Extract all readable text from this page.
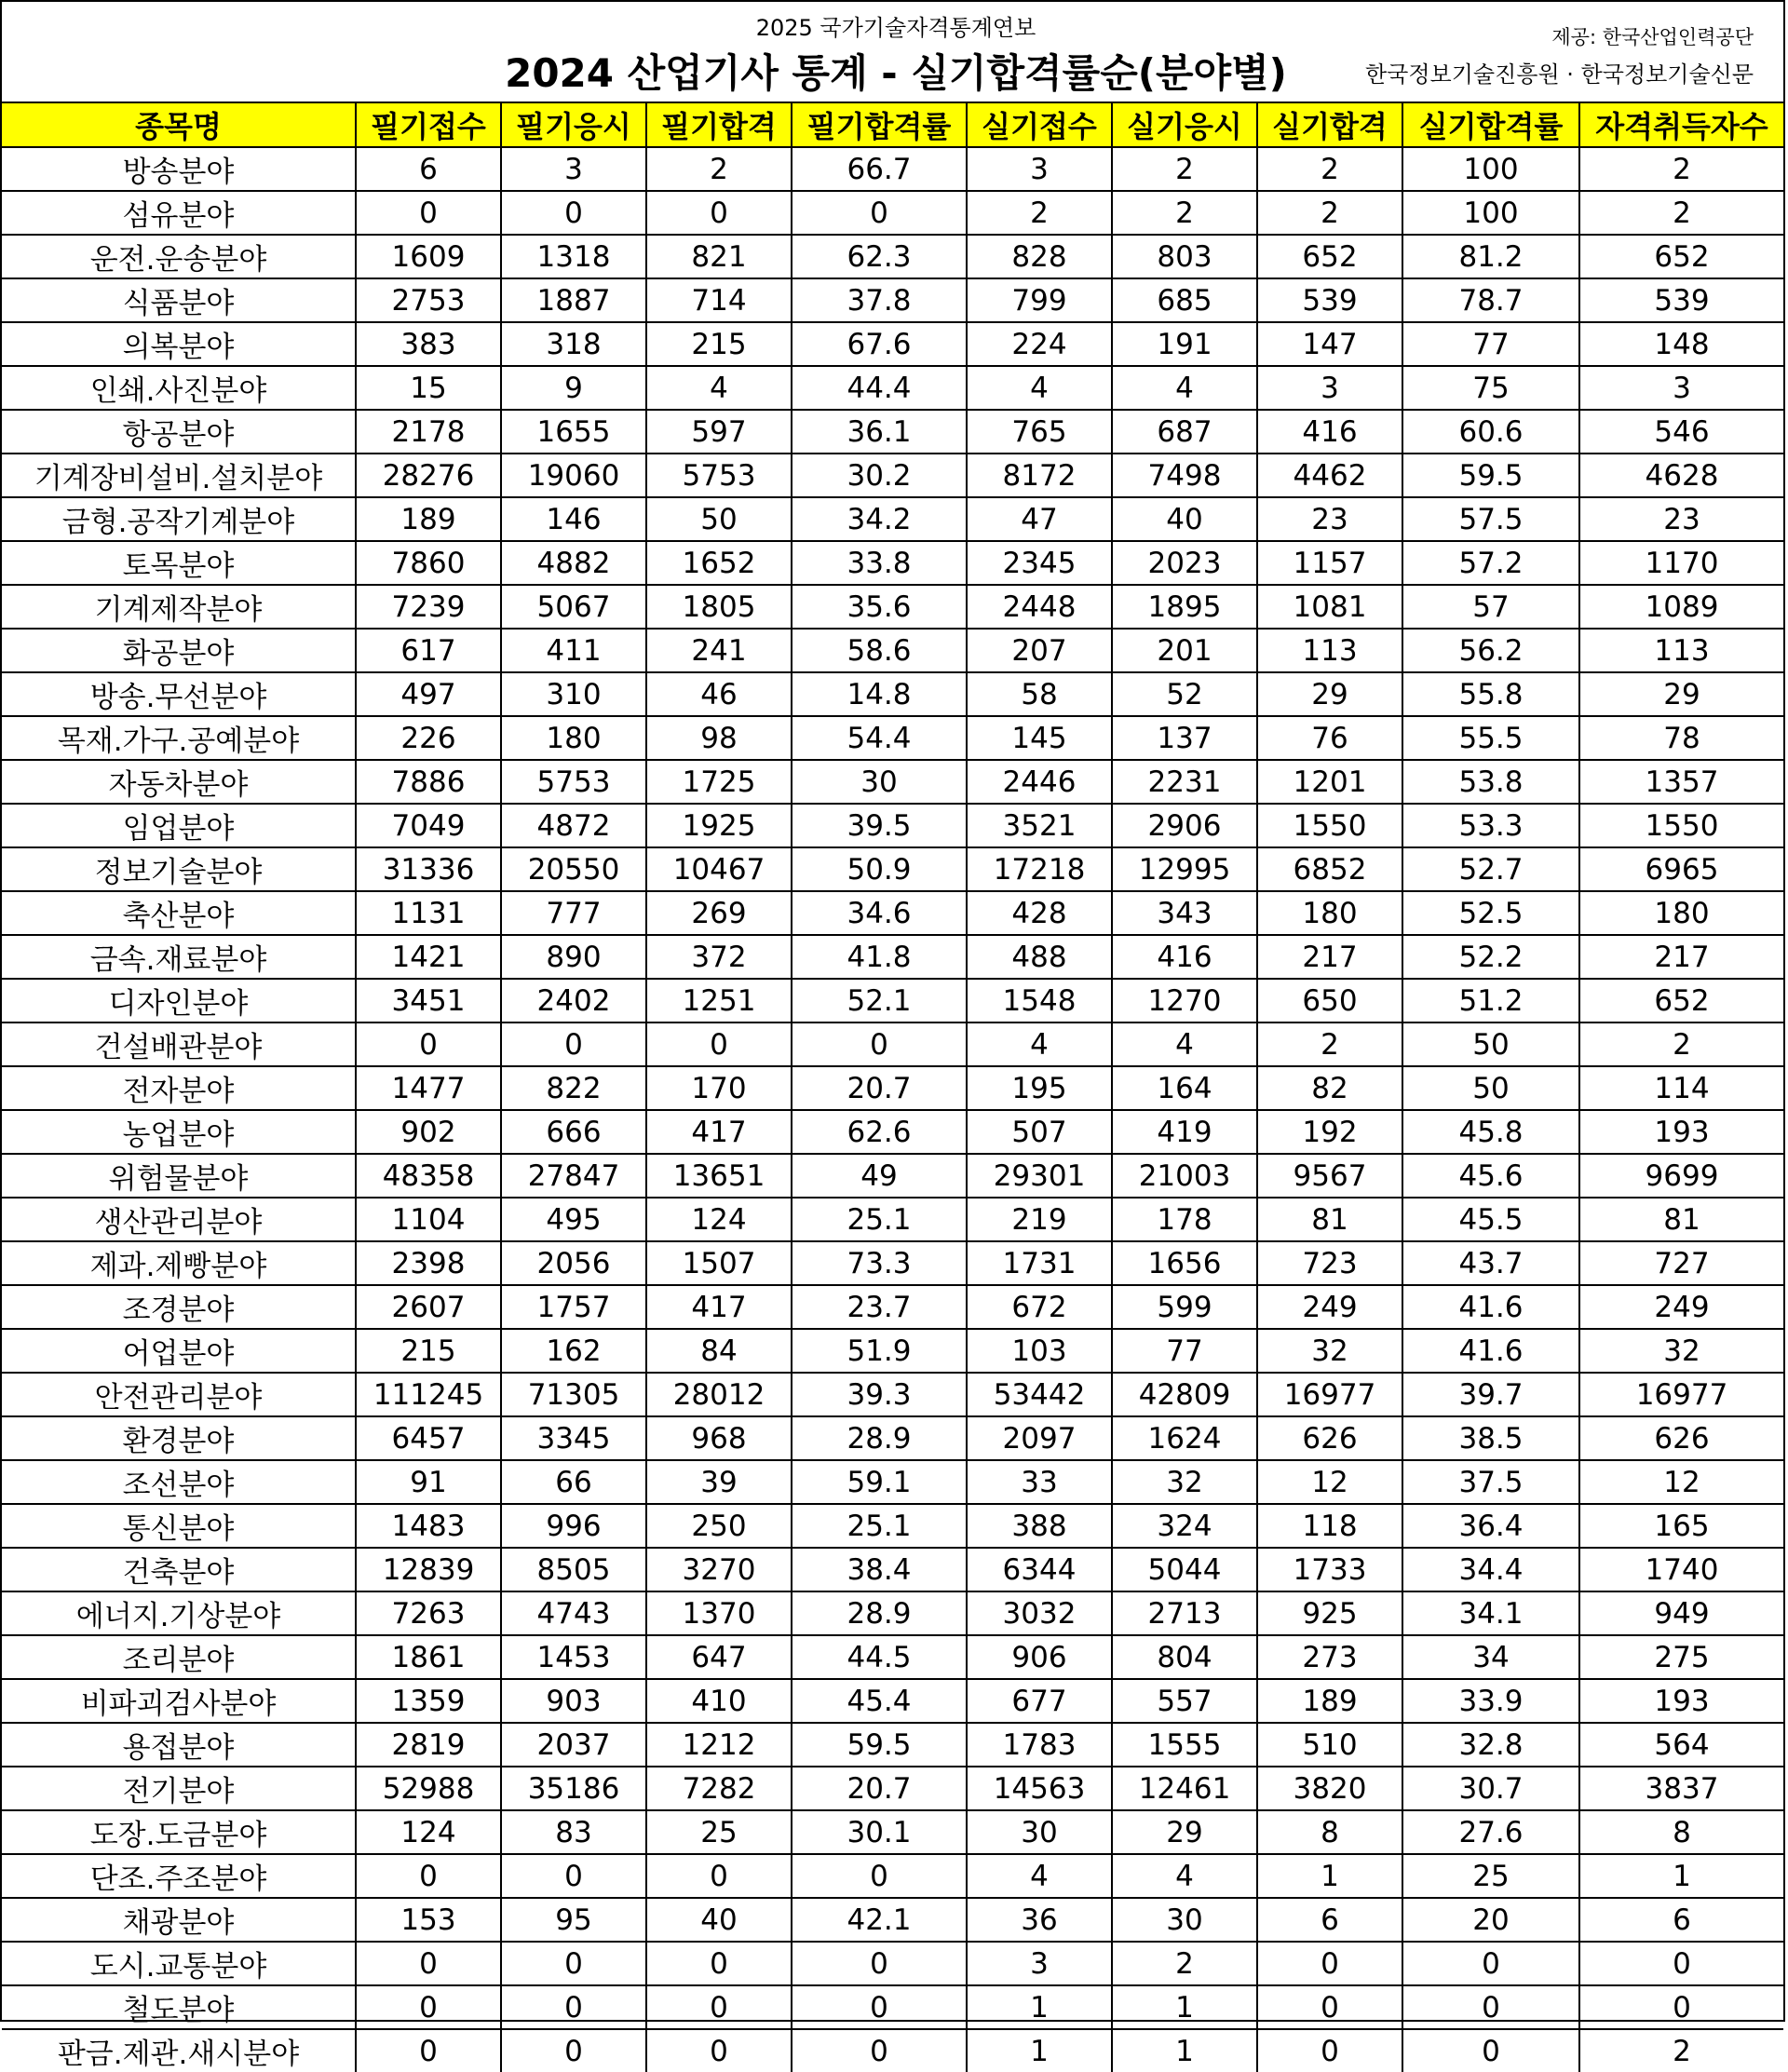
2025 국가기술자격통계연보
2024 산업기사 통계 - 실기합격률순(분야별)
제공: 한국산업인력공단
한국정보기술진흥원 · 한국정보기술신문
종목명	필기접수	필기응시	필기합격	필기합격률	실기접수	실기응시	실기합격	실기합격률	자격취득자수
방송분야	6	3	2	66.7	3	2	2	100	2
섬유분야	0	0	0	0	2	2	2	100	2
운전.운송분야	1609	1318	821	62.3	828	803	652	81.2	652
식품분야	2753	1887	714	37.8	799	685	539	78.7	539
의복분야	383	318	215	67.6	224	191	147	77	148
인쇄.사진분야	15	9	4	44.4	4	4	3	75	3
항공분야	2178	1655	597	36.1	765	687	416	60.6	546
기계장비설비.설치분야	28276	19060	5753	30.2	8172	7498	4462	59.5	4628
금형.공작기계분야	189	146	50	34.2	47	40	23	57.5	23
토목분야	7860	4882	1652	33.8	2345	2023	1157	57.2	1170
기계제작분야	7239	5067	1805	35.6	2448	1895	1081	57	1089
화공분야	617	411	241	58.6	207	201	113	56.2	113
방송.무선분야	497	310	46	14.8	58	52	29	55.8	29
목재.가구.공예분야	226	180	98	54.4	145	137	76	55.5	78
자동차분야	7886	5753	1725	30	2446	2231	1201	53.8	1357
임업분야	7049	4872	1925	39.5	3521	2906	1550	53.3	1550
정보기술분야	31336	20550	10467	50.9	17218	12995	6852	52.7	6965
축산분야	1131	777	269	34.6	428	343	180	52.5	180
금속.재료분야	1421	890	372	41.8	488	416	217	52.2	217
디자인분야	3451	2402	1251	52.1	1548	1270	650	51.2	652
건설배관분야	0	0	0	0	4	4	2	50	2
전자분야	1477	822	170	20.7	195	164	82	50	114
농업분야	902	666	417	62.6	507	419	192	45.8	193
위험물분야	48358	27847	13651	49	29301	21003	9567	45.6	9699
생산관리분야	1104	495	124	25.1	219	178	81	45.5	81
제과.제빵분야	2398	2056	1507	73.3	1731	1656	723	43.7	727
조경분야	2607	1757	417	23.7	672	599	249	41.6	249
어업분야	215	162	84	51.9	103	77	32	41.6	32
안전관리분야	111245	71305	28012	39.3	53442	42809	16977	39.7	16977
환경분야	6457	3345	968	28.9	2097	1624	626	38.5	626
조선분야	91	66	39	59.1	33	32	12	37.5	12
통신분야	1483	996	250	25.1	388	324	118	36.4	165
건축분야	12839	8505	3270	38.4	6344	5044	1733	34.4	1740
에너지.기상분야	7263	4743	1370	28.9	3032	2713	925	34.1	949
조리분야	1861	1453	647	44.5	906	804	273	34	275
비파괴검사분야	1359	903	410	45.4	677	557	189	33.9	193
용접분야	2819	2037	1212	59.5	1783	1555	510	32.8	564
전기분야	52988	35186	7282	20.7	14563	12461	3820	30.7	3837
도장.도금분야	124	83	25	30.1	30	29	8	27.6	8
단조.주조분야	0	0	0	0	4	4	1	25	1
채광분야	153	95	40	42.1	36	30	6	20	6
도시.교통분야	0	0	0	0	3	2	0	0	0
철도분야	0	0	0	0	1	1	0	0	0
판금.제관.새시분야	0	0	0	0	1	1	0	0	2
